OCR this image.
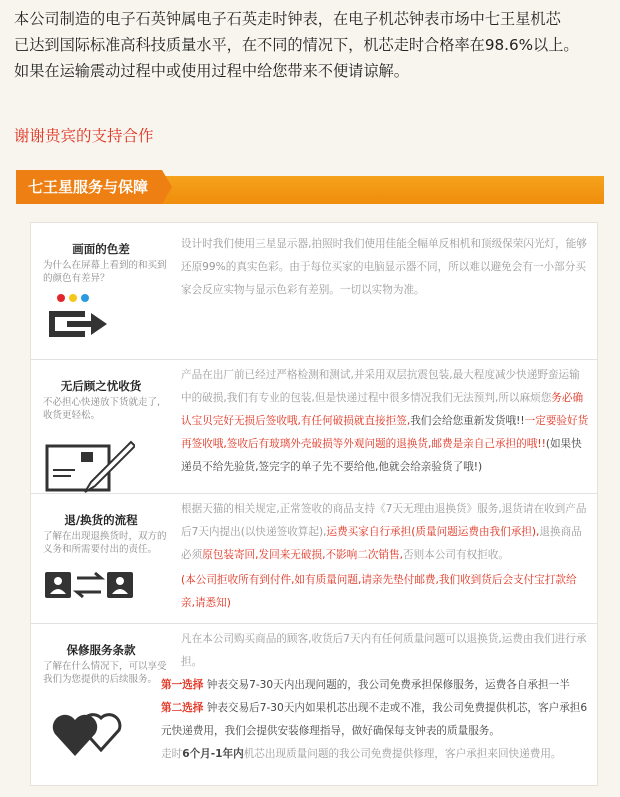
本公司制造的电子石英钟属电子石英走时钟表，在电子机芯钟表市场中七王星机芯

已达到国际标准高科技质量水平，在不同的情况下，机芯走时合格率在98.6%以上。

如果在运输震动过程中或使用过程中给您带来不便请谅解。

谢谢贵宾的支持合作
七王星服务与保障
画面的色差
为什么在屏幕上看到的和买到的颜色有差异？

设计时我们使用三星显示器,拍照时我们使用佳能全幅单反相机和顶级保荣闪光灯，能够还原99%的真实色彩。由于每位买家的电脑显示器不同，所以难以避免会有一小部分买家会反应实物与显示色彩有差别。一切以实物为准。

无后顾之忧收货
不必担心快递放下货就走了,收货更轻松。

产品在出厂前已经过严格检测和测试,并采用双层抗震包装,最大程度减少快递野蛮运输中的破损,我们有专业的包装,但是快递过程中很多情况我们无法预判,所以麻烦您务必确认宝贝完好无损后签收哦,有任何破损就直接拒签,我们会给您重新发货哦!!一定要验好货再签收哦,签收后有玻璃外壳破损等外观问题的退换货,邮费是亲自己承担的哦!!(如果快递员不给先验货,签完字的单子先不要给他,他就会给亲验货了哦!)

退/换货的流程
了解在出现退换货时，双方的义务和所需要付出的责任。

根据天猫的相关规定,正常签收的商品支持《7天无理由退换货》服务,退货请在收到产品后7天内提出(以快递签收算起),运费买家自行承担(质量问题运费由我们承担),退换商品必须原包装寄回,发回来无破损,不影响二次销售,否则本公司有权拒收。

(本公司拒收所有到付件,如有质量问题,请亲先垫付邮费,我们收到货后会支付宝打款给亲,请悉知)

保修服务条款
了解在什么情况下，可以享受我们为您提供的后续服务。

凡在本公司购买商品的顾客,收货后7天内有任何质量问题可以退换货,运费由我们进行承担。

第一选择 钟表交易7-30天内出现问题的，我公司免费承担保修服务，运费各自承担一半

第二选择 钟表交易后7-30天内如果机芯出现不走或不准，我公司免费提供机芯，客户承担6元快递费用，我们会提供安装修理指导，做好确保每支钟表的质量服务。

走时6个月-1年内机芯出现质量问题的我公司免费提供修理，客户承担来回快递费用。
